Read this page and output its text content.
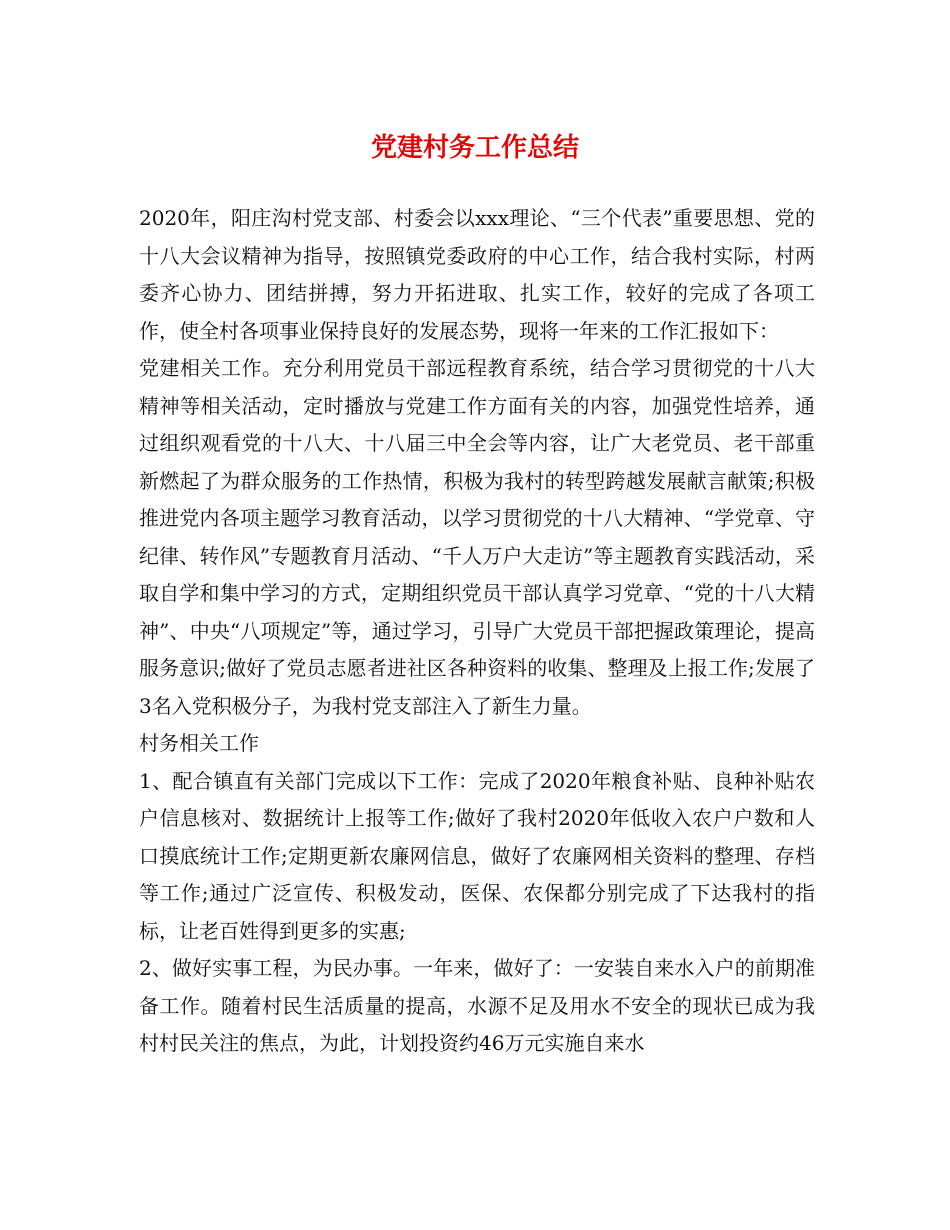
党建村务工作总结

2020年，阳庄沟村党支部、村委会以xxx理论、“三个代表”重要思想、党的十八大会议精神为指导，按照镇党委政府的中心工作，结合我村实际，村两委齐心协力、团结拼搏，努力开拓进取、扎实工作，较好的完成了各项工作，使全村各项事业保持良好的发展态势，现将一年来的工作汇报如下：

党建相关工作。充分利用党员干部远程教育系统，结合学习贯彻党的十八大精神等相关活动，定时播放与党建工作方面有关的内容，加强党性培养，通过组织观看党的十八大、十八届三中全会等内容，让广大老党员、老干部重新燃起了为群众服务的工作热情，积极为我村的转型跨越发展献言献策;积极推进党内各项主题学习教育活动，以学习贯彻党的十八大精神、“学党章、守纪律、转作风”专题教育月活动、“千人万户大走访”等主题教育实践活动，采取自学和集中学习的方式，定期组织党员干部认真学习党章、“党的十八大精神”、中央“八项规定”等，通过学习，引导广大党员干部把握政策理论，提高服务意识;做好了党员志愿者进社区各种资料的收集、整理及上报工作;发展了3名入党积极分子，为我村党支部注入了新生力量。

村务相关工作

1、配合镇直有关部门完成以下工作：完成了2020年粮食补贴、良种补贴农户信息核对、数据统计上报等工作;做好了我村2020年低收入农户户数和人口摸底统计工作;定期更新农廉网信息，做好了农廉网相关资料的整理、存档等工作;通过广泛宣传、积极发动，医保、农保都分别完成了下达我村的指标，让老百姓得到更多的实惠;

2、做好实事工程，为民办事。一年来，做好了：一安装自来水入户的前期准备工作。随着村民生活质量的提高，水源不足及用水不安全的现状已成为我村村民关注的焦点，为此，计划投资约46万元实施自来水
